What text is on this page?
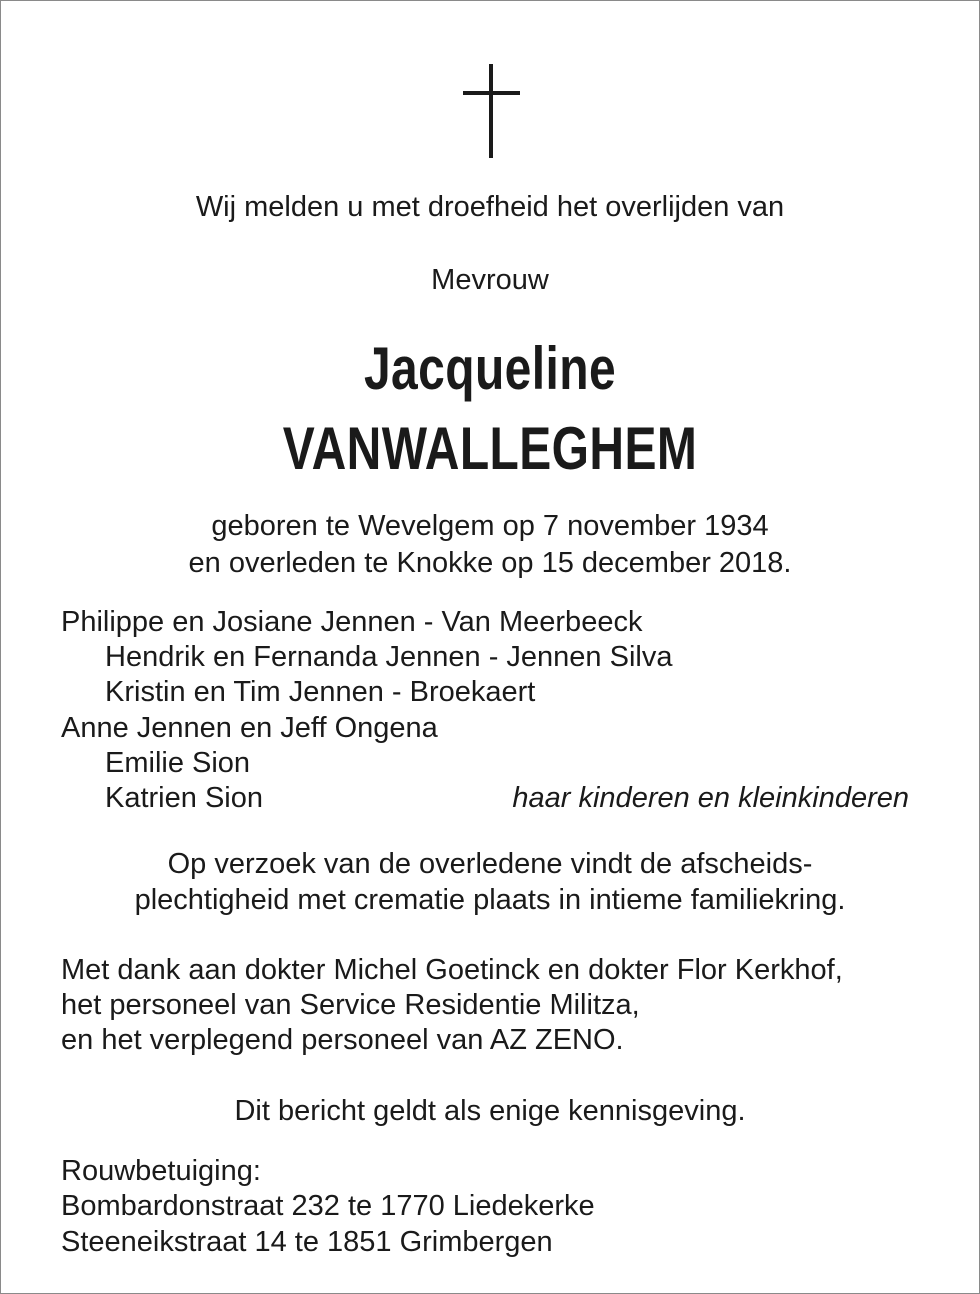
Wij melden u met droefheid het overlijden van
Mevrouw
Jacqueline
VANWALLEGHEM
geboren te Wevelgem op 7 november 1934
en overleden te Knokke op 15 december 2018.
Philippe en Josiane Jennen - Van Meerbeeck
Hendrik en Fernanda Jennen - Jennen Silva
Kristin en Tim Jennen - Broekaert
Anne Jennen en Jeff Ongena
Emilie Sion
Katrien Sion	haar kinderen en kleinkinderen
Op verzoek van de overledene vindt de afscheids-
plechtigheid met crematie plaats in intieme familiekring.
Met dank aan dokter Michel Goetinck en dokter Flor Kerkhof,
het personeel van Service Residentie Militza,
en het verplegend personeel van AZ ZENO.
Dit bericht geldt als enige kennisgeving.
Rouwbetuiging:
Bombardonstraat 232 te 1770 Liedekerke
Steeneikstraat 14 te 1851 Grimbergen
